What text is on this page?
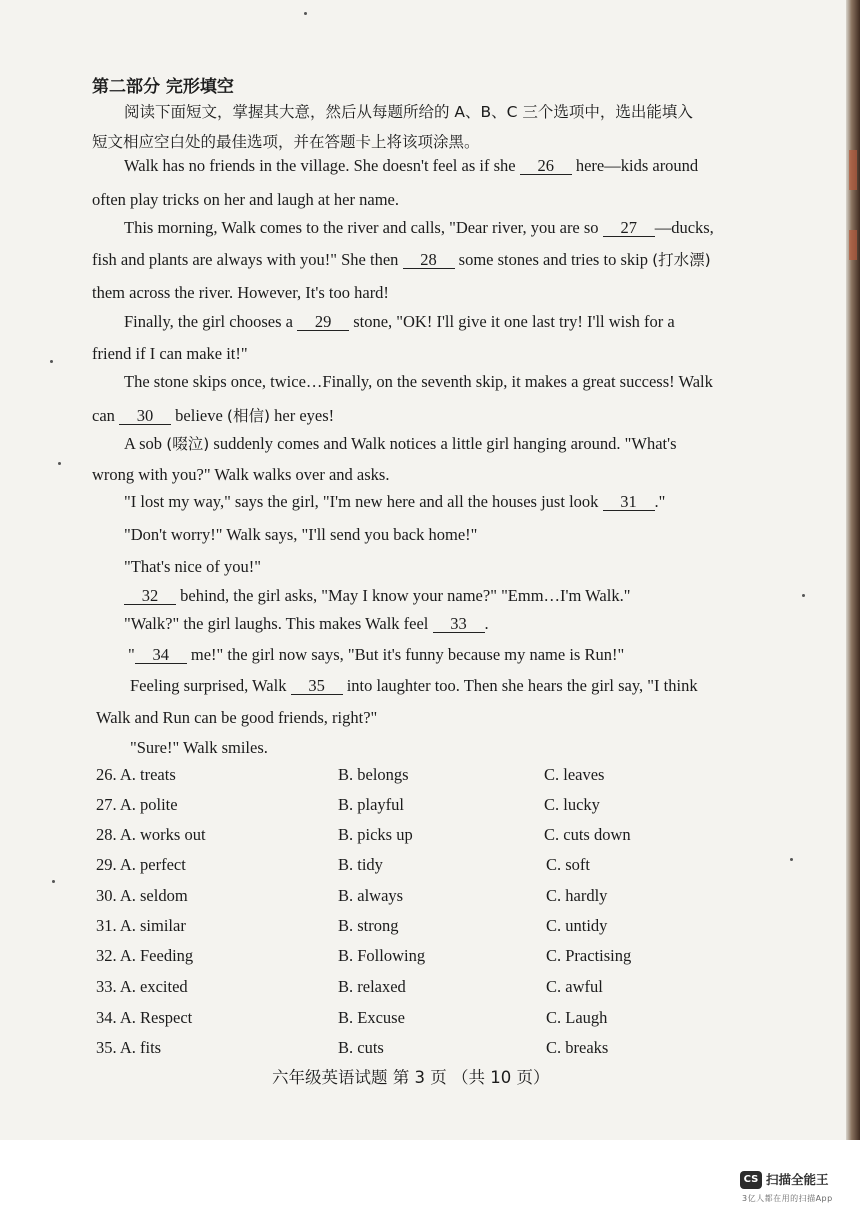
第二部分 完形填空
阅读下面短文，掌握其大意，然后从每题所给的 A、B、C 三个选项中，选出能填入
短文相应空白处的最佳选项，并在答题卡上将该项涂黑。
Walk has no friends in the village. She doesn't feel as if she 26 here—kids around
often play tricks on her and laugh at her name.
This morning, Walk comes to the river and calls, "Dear river, you are so 27 —ducks,
fish and plants are always with you!" She then 28 some stones and tries to skip (打水漂)
them across the river. However, It's too hard!
Finally, the girl chooses a 29 stone, "OK! I'll give it one last try! I'll wish for a
friend if I can make it!"
The stone skips once, twice…Finally, on the seventh skip, it makes a great success! Walk
can 30 believe (相信) her eyes!
A sob (啜泣) suddenly comes and Walk notices a little girl hanging around. "What's
wrong with you?" Walk walks over and asks.
"I lost my way," says the girl, "I'm new here and all the houses just look 31 ."
"Don't worry!" Walk says, "I'll send you back home!"
"That's nice of you!"
32 behind, the girl asks, "May I know your name?" "Emm…I'm Walk."
"Walk?" the girl laughs. This makes Walk feel 33 .
" 34 me!" the girl now says, "But it's funny because my name is Run!"
Feeling surprised, Walk 35 into laughter too. Then she hears the girl say, "I think
Walk and Run can be good friends, right?"
"Sure!" Walk smiles.
26. A. treats	B. belongs	C. leaves
27. A. polite	B. playful	C. lucky
28. A. works out	B. picks up	C. cuts down
29. A. perfect	B. tidy	C. soft
30. A. seldom	B. always	C. hardly
31. A. similar	B. strong	C. untidy
32. A. Feeding	B. Following	C. Practising
33. A. excited	B. relaxed	C. awful
34. A. Respect	B. Excuse	C. Laugh
35. A. fits	B. cuts	C. breaks
六年级英语试题 第 3 页 （共 10 页）
CS 扫描全能王
3亿人都在用的扫描App
